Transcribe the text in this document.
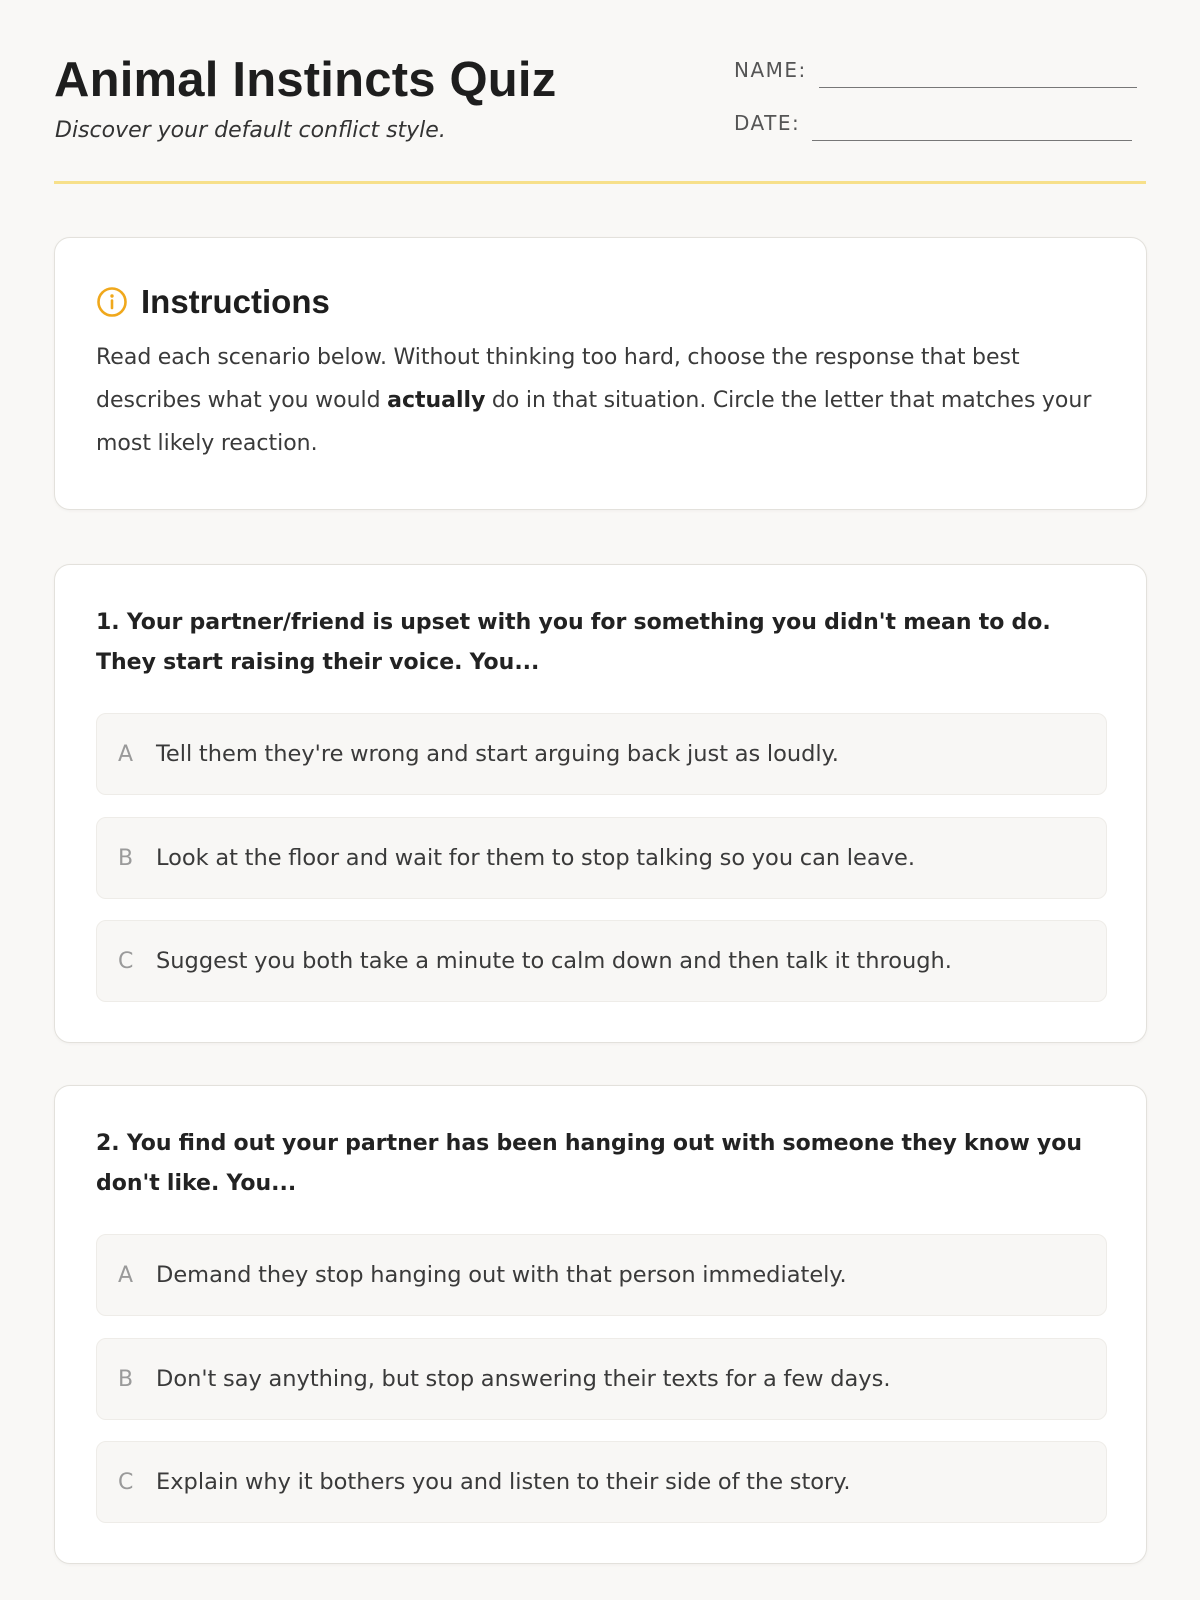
Animal Instincts Quiz
Discover your default conflict style.
NAME:
DATE:
Instructions

Read each scenario below. Without thinking too hard, choose the response that best describes what you would actually do in that situation. Circle the letter that matches your most likely reaction.

1. Your partner/friend is upset with you for something you didn't mean to do. They start raising their voice. You...
A	Tell them they're wrong and start arguing back just as loudly.
B	Look at the floor and wait for them to stop talking so you can leave.
C	Suggest you both take a minute to calm down and then talk it through.
2. You find out your partner has been hanging out with someone they know you don't like. You...
A	Demand they stop hanging out with that person immediately.
B	Don't say anything, but stop answering their texts for a few days.
C	Explain why it bothers you and listen to their side of the story.
